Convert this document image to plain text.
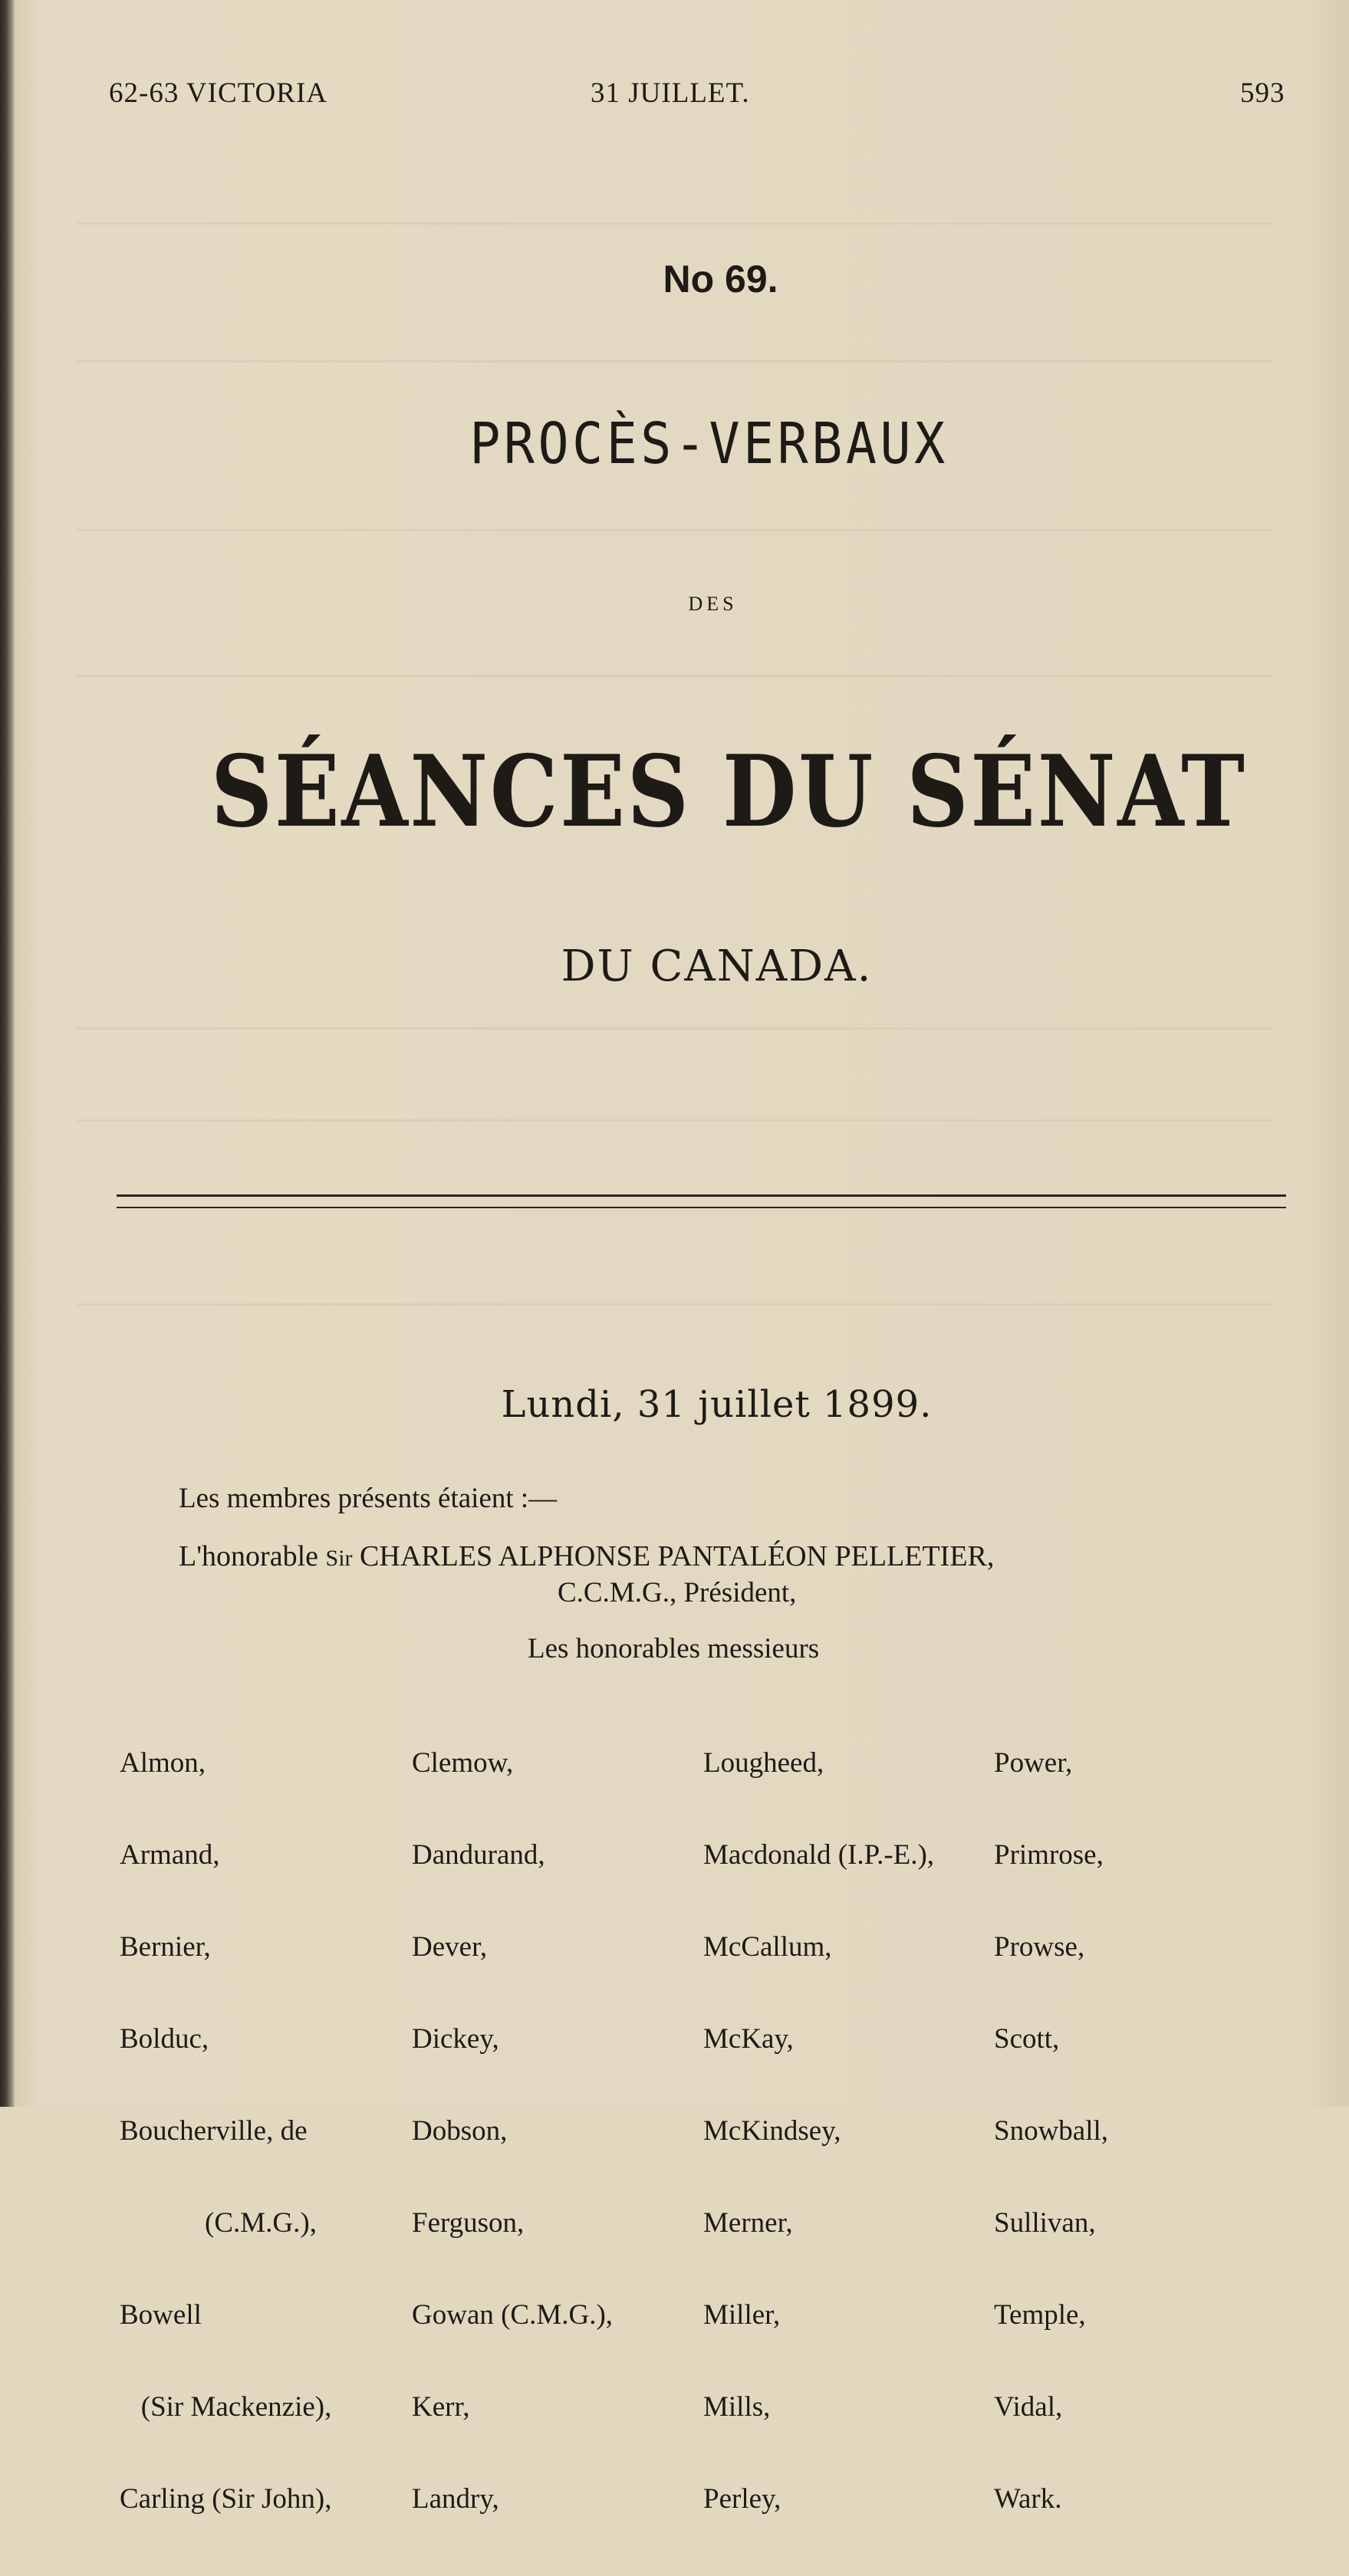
62-63 VICTORIA	31 JUILLET.	593
No 69.
PROCÈS-VERBAUX
DES
SÉANCES DU SÉNAT
DU CANADA.
Lundi, 31 juillet 1899.
Les membres présents étaient :—
L'honorable Sir CHARLES ALPHONSE PANTALÉON PELLETIER,
C.C.M.G., Président,
Les honorables messieurs

Almon,

Armand,

Bernier,

Bolduc,

Boucherville, de

(C.M.G.),

Bowell

(Sir Mackenzie),

Carling (Sir John),

Clemow,

Dandurand,

Dever,

Dickey,

Dobson,

Ferguson,

Gowan (C.M.G.),

Kerr,

Landry,

Lougheed,

Macdonald (I.P.-E.),

McCallum,

McKay,

McKindsey,

Merner,

Miller,

Mills,

Perley,

Power,

Primrose,

Prowse,

Scott,

Snowball,

Sullivan,

Temple,

Vidal,

Wark.
